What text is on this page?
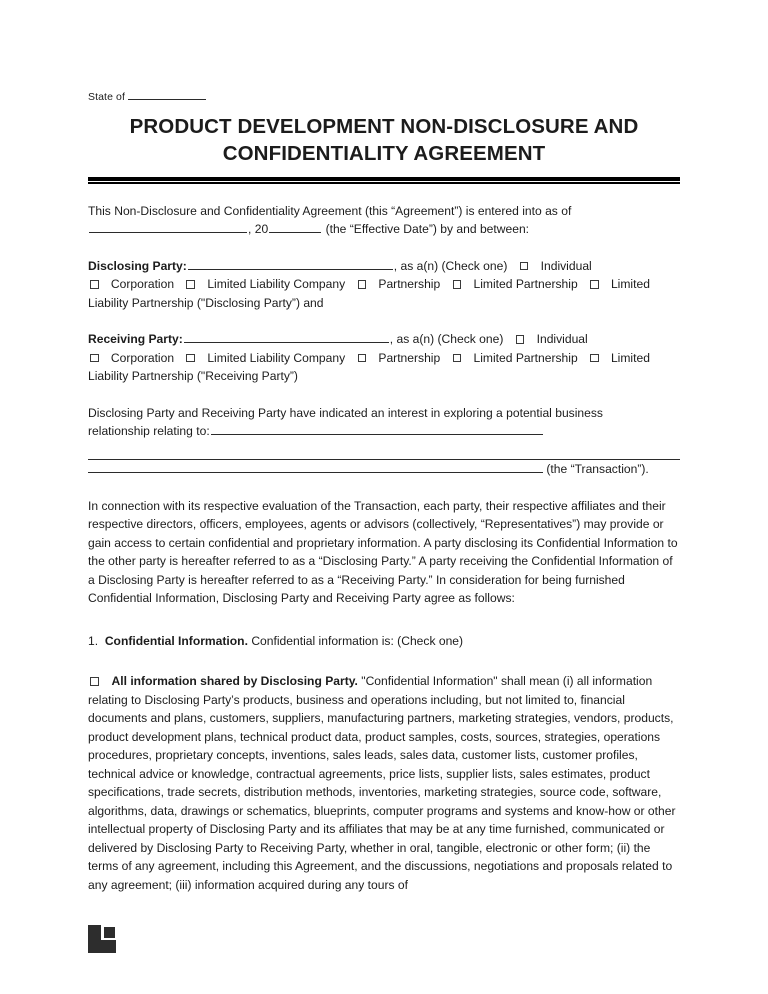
State of
PRODUCT DEVELOPMENT NON-DISCLOSURE AND
CONFIDENTIALITY AGREEMENT
This Non-Disclosure and Confidentiality Agreement (this “Agreement”) is entered into as of
, 20	(the “Effective Date”) by and between:
Disclosing Party:	, as a(n) (Check one)	Individual
Corporation	Limited Liability Company	Partnership	Limited Partnership	Limited
Liability Partnership ("Disclosing Party”) and
Receiving Party:	, as a(n) (Check one)	Individual
Corporation	Limited Liability Company	Partnership	Limited Partnership	Limited
Liability Partnership ("Receiving Party”)
Disclosing Party and Receiving Party have indicated an interest in exploring a potential business
relationship relating to:
(the “Transaction”).
In connection with its respective evaluation of the Transaction, each party, their respective affiliates and their respective directors, officers, employees, agents or advisors (collectively, “Representatives”) may provide or gain access to certain confidential and proprietary information. A party disclosing its Confidential Information to the other party is hereafter referred to as a “Disclosing Party.” A party receiving the Confidential Information of a Disclosing Party is hereafter referred to as a “Receiving Party.” In consideration for being furnished Confidential Information, Disclosing Party and Receiving Party agree as follows:
1. Confidential Information. Confidential information is: (Check one)
All information shared by Disclosing Party. "Confidential Information" shall mean (i) all information relating to Disclosing Party’s products, business and operations including, but not limited to, financial documents and plans, customers, suppliers, manufacturing partners, marketing strategies, vendors, products, product development plans, technical product data, product samples, costs, sources, strategies, operations procedures, proprietary concepts, inventions, sales leads, sales data, customer lists, customer profiles, technical advice or knowledge, contractual agreements, price lists, supplier lists, sales estimates, product specifications, trade secrets, distribution methods, inventories, marketing strategies, source code, software, algorithms, data, drawings or schematics, blueprints, computer programs and systems and know-how or other intellectual property of Disclosing Party and its affiliates that may be at any time furnished, communicated or delivered by Disclosing Party to Receiving Party, whether in oral, tangible, electronic or other form; (ii) the terms of any agreement, including this Agreement, and the discussions, negotiations and proposals related to any agreement; (iii) information acquired during any tours of
